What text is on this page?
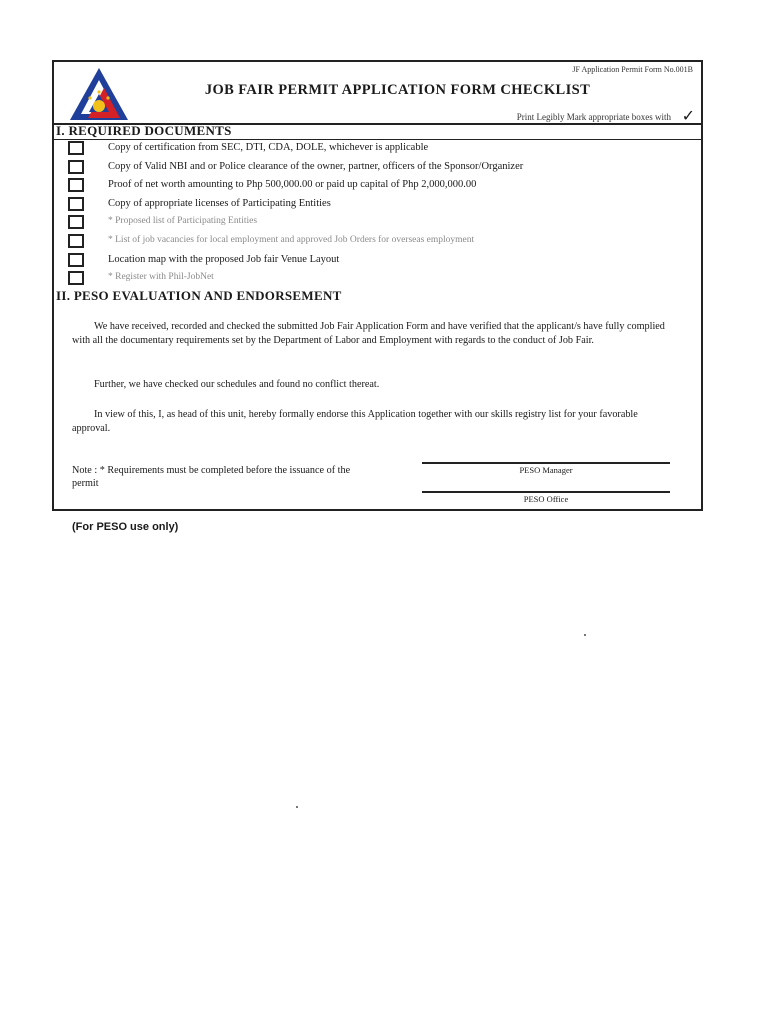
JF Application Permit Form No.001B
JOB FAIR PERMIT APPLICATION FORM CHECKLIST
Print Legibly Mark appropriate boxes with ✓
I. REQUIRED DOCUMENTS
Copy of certification from SEC, DTI, CDA, DOLE, whichever is applicable
Copy of Valid NBI and or Police clearance of the owner, partner, officers of the Sponsor/Organizer
Proof of net worth amounting to Php 500,000.00 or paid up capital of Php 2,000,000.00
Copy of appropriate licenses of Participating Entities
* Proposed list of Participating Entities
* List of job vacancies for local employment and approved Job Orders for overseas employment
Location map with the proposed Job fair Venue Layout
* Register with Phil-JobNet
II. PESO EVALUATION AND ENDORSEMENT
We have received, recorded and checked the submitted Job Fair Application Form and have verified that the applicant/s have fully complied with all the documentary requirements set by the Department of Labor and Employment with regards to the conduct of Job Fair.
Further, we have checked our schedules and found no conflict thereat.
In view of this, I, as head of this unit, hereby formally endorse this Application together with our skills registry list for your favorable approval.
Note : * Requirements must be completed before the issuance of the permit
PESO Manager
PESO Office
(For PESO use only)
